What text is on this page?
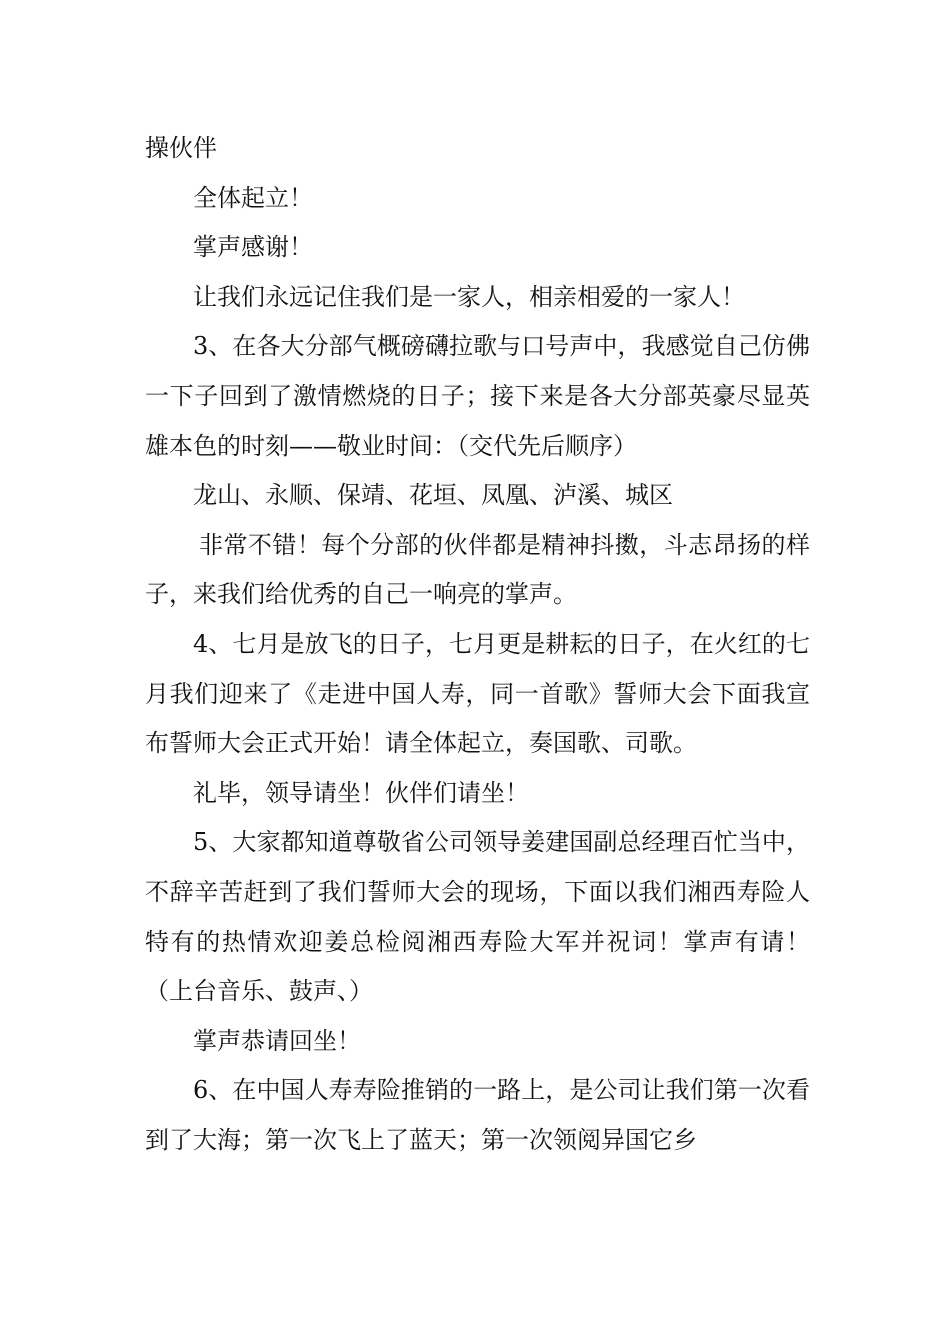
操伙伴

全体起立！

掌声感谢！

让我们永远记住我们是一家人，相亲相爱的一家人！

3、在各大分部气概磅礴拉歌与口号声中，我感觉自己仿佛一下子回到了激情燃烧的日子；接下来是各大分部英豪尽显英雄本色的时刻——敬业时间：（交代先后顺序）

龙山、永顺、保靖、花垣、凤凰、泸溪、城区

非常不错！每个分部的伙伴都是精神抖擞，斗志昂扬的样子，来我们给优秀的自己一响亮的掌声。

4、七月是放飞的日子，七月更是耕耘的日子，在火红的七月我们迎来了《走进中国人寿，同一首歌》誓师大会下面我宣布誓师大会正式开始！请全体起立，奏国歌、司歌。

礼毕，领导请坐！伙伴们请坐！

5、大家都知道尊敬省公司领导姜建国副总经理百忙当中，不辞辛苦赶到了我们誓师大会的现场，下面以我们湘西寿险人特有的热情欢迎姜总检阅湘西寿险大军并祝词！掌声有请！（上台音乐、鼓声、）

掌声恭请回坐！

6、在中国人寿寿险推销的一路上，是公司让我们第一次看到了大海；第一次飞上了蓝天；第一次领阅异国它乡
